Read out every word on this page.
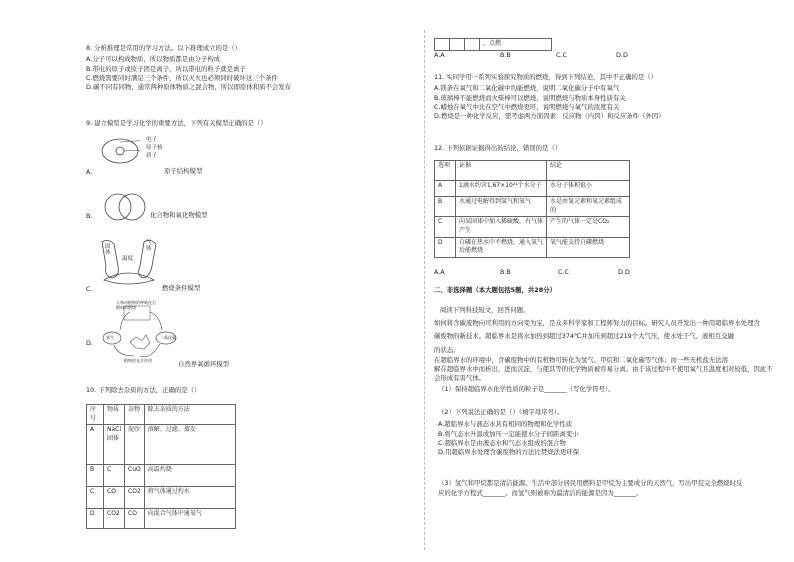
8. 分析推理是常用的学习方法。以下推理成立的是（）
A.分子可以构成物质，所以物质都是由分子构成
B.带电的原子或原子团是离子，所以带电的粒子就是离子
C.燃烧需要同时满足三个条件，所以灭火也必须同时破坏这三个条件
D.碳不同有同物，通常两种原体物质之混合物，所以即原体和质不会发布
9. 建立模型是学习化学的重要方法，下列有关模型正确的是（）
电子
原子核
质子
A.	原子结构模型
B.	化合物和氧化物模型
固体
气体
温度
C.	燃烧条件模型
人和动植物的呼吸化石燃料的燃烧
氧气	二氧化碳
植物的光合作用
D.
自然界氧循环模型
10. 下列除去杂质的方法，正确的是（）
序号	物质	杂物	除去杂质的方法
A	NaCl固体	泥沙	溶解、过滤、蒸发
B	C	CuO	高温灼烧
C	CO	CO2	将气体通过灼水
D	CO2	CO	向混合气体中通氧气
			，点燃
A.A	B.B	C.C	D.D
11. 实同学用一系列实验探究物质的燃烧，得到下列结论，其中不正确的是（）
A.镁条在氧气和二氧化碳中均能燃烧，说明二氧化碳分子中有氧气
B.玻璃棒不能燃烧而火柴棒可以燃烧，说明燃烧与物质本身性质有关
C.蜡烛在氧气中比在空气中燃烧更旺，说明燃烧与氧气的浓度有关
D.燃烧是一种化学反应，需考虑两方面因素：反应物（内因）和反应条件（外因）
12. 下列依据证据得出的结论，错误的是（）
选项	证据	结论
A	1滴水约含1.67×10²¹个水分子	水分子体积很小
B	水通过电解得到氢气和氧气	水是由氢元素和氧元素组成的
C	向某固体中加入稀硫酸，有气体产生	产生的气体一定是CO₂
D	白磷在热水中不燃烧，通入氧气后能燃烧	氧气能支持白磷燃烧
A.A	B.B	C.C	D.D
二、非选择题（本大题包括5题，共28分）
阅读下列科技短文，回答问题。
如何将含碳废物向可利用的方向变为宝，是众多科学家和工程师努力的目标。研究人员开发出一种用超临界水处理含
碳废物的新技术。超临界水是将水加热到超过374℃并加压到超过219个大气压，使水处于气、液相互交融
的状态。
在超临界水的环境中，含碳废物中的有机物可转化为氢气、甲烷和二氧化碳等气体；而一些无机盐无法溶
解在超临界水中而析出，进而沉淀，与使其等的化学物质被容易分离。由于该过程中不使用氧气且温度相对较低，因此不会形成有害气体。
（1）保持超临界水化学性质的粒子是_______（写化学符号）。
（2）下列说法正确的是（）（填字母序号）。
A.超临界水与液态水具有相同的物理和化学性质
B.将气态水升温或加压一定能使水分子间距离变小
C.超临界水是由液态水和气态水组成的混合物
D.用超临界水处理含碳废物的方法比焚烧法更环保
（3）氢气和甲烷都是清洁能源。生活中部分居民用燃料是甲烷为主要成分的天然气，写出甲烷完全燃烧时反
应的化学方程式_______。而氢气则被称为最清洁的能源是因为_______。
